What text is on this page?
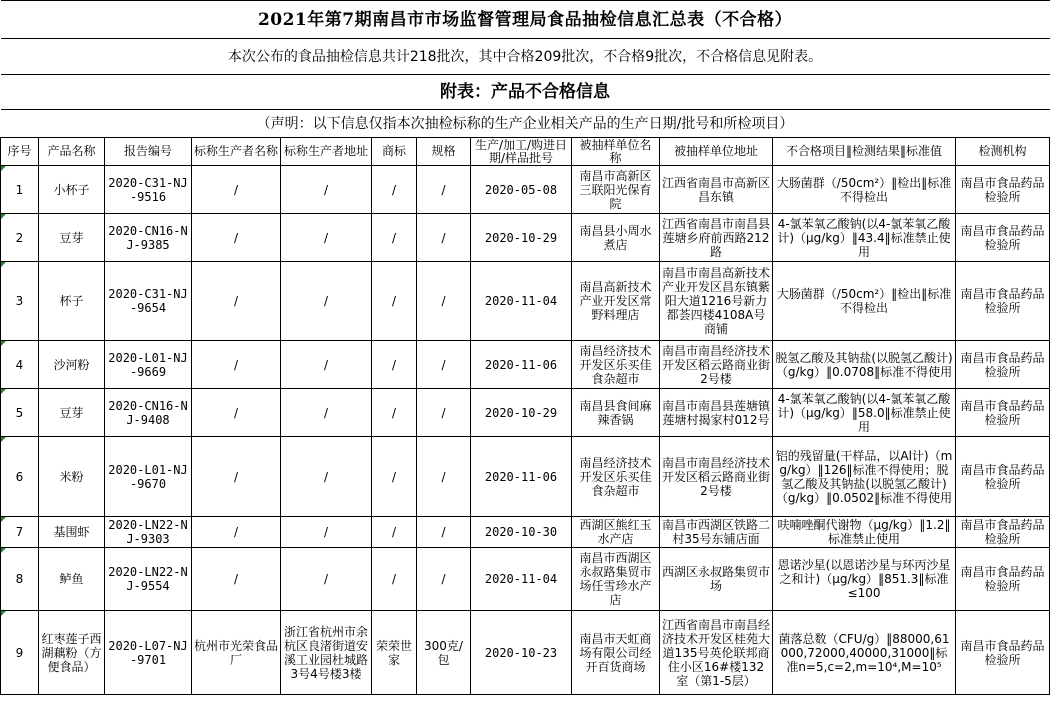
2021年第7期南昌市市场监督管理局食品抽检信息汇总表（不合格）											
本次公布的食品抽检信息共计218批次，其中合格209批次，不合格9批次，不合格信息见附表。											
附表：产品不合格信息											
（声明：以下信息仅指本次抽检标称的生产企业相关产品的生产日期/批号和所检项目）											
序号	产品名称	报告编号	标称生产者名称	标称生产者地址	商标	规格	生产/加工/购进日期/样品批号	被抽样单位名称	被抽样单位地址	不合格项目‖检测结果‖标准值	检测机构
1	小杯子	2020-C31-NJ-9516	/	/	/	/	2020-05-08	南昌市高新区三联阳光保育院	江西省南昌市高新区昌东镇	大肠菌群（/50cm²）‖检出‖标准不得检出	南昌市食品药品检验所
2	豆芽	2020-CN16-NJ-9385	/	/	/	/	2020-10-29	南昌县小周水煮店	江西省南昌市南昌县莲塘乡府前西路212路	4-氯苯氧乙酸钠(以4-氯苯氧乙酸计)（μg/kg）‖43.4‖标准禁止使用	南昌市食品药品检验所
3	杯子	2020-C31-NJ-9654	/	/	/	/	2020-11-04	南昌高新技术产业开发区常野料理店	南昌市南昌高新技术产业开发区昌东镇紫阳大道1216号新力都荟四楼4108A号商铺	大肠菌群（/50cm²）‖检出‖标准不得检出	南昌市食品药品检验所
4	沙河粉	2020-L01-NJ-9669	/	/	/	/	2020-11-06	南昌经济技术开发区乐买佳食杂超市	南昌市南昌经济技术开发区稻云路商业街2号楼	脱氢乙酸及其钠盐(以脱氢乙酸计)（g/kg）‖0.0708‖标准不得使用	南昌市食品药品检验所
5	豆芽	2020-CN16-NJ-9408	/	/	/	/	2020-10-29	南昌县食间麻辣香锅	南昌市南昌县莲塘镇莲塘村揭家村012号	4-氯苯氧乙酸钠(以4-氯苯氧乙酸计)（μg/kg）‖58.0‖标准禁止使用	南昌市食品药品检验所
6	米粉	2020-L01-NJ-9670	/	/	/	/	2020-11-06	南昌经济技术开发区乐买佳食杂超市	南昌市南昌经济技术开发区稻云路商业街2号楼	铝的残留量(干样品，以Al计)（mg/kg）‖126‖标准不得使用；脱氢乙酸及其钠盐(以脱氢乙酸计)（g/kg）‖0.0502‖标准不得使用	南昌市食品药品检验所
7	基围虾	2020-LN22-NJ-9303	/	/	/	/	2020-10-30	西湖区熊红玉水产店	南昌市西湖区铁路二村35号东铺店面	呋喃唑酮代谢物（μg/kg）‖1.2‖标准禁止使用	南昌市食品药品检验所
8	鲈鱼	2020-LN22-NJ-9554	/	/	/	/	2020-11-04	南昌市西湖区永叔路集贸市场任雪珍水产店	西湖区永叔路集贸市场	恩诺沙星(以恩诺沙星与环丙沙星之和计)（μg/kg）‖851.3‖标准≤100	南昌市食品药品检验所
9	红枣莲子西湖藕粉（方便食品）	2020-L07-NJ-9701	杭州市光荣食品厂	浙江省杭州市余杭区良渚街道安溪工业园杜城路3号4号楼3楼	荣荣世家	300克/包	2020-10-23	南昌市天虹商场有限公司经开百货商场	江西省南昌市南昌经济技术开发区桂苑大道135号英伦联邦商住小区16#楼132室（第1-5层）	菌落总数（CFU/g）‖88000,61000,72000,40000,31000‖标准n=5,c=2,m=10⁴,M=10⁵	南昌市食品药品检验所
